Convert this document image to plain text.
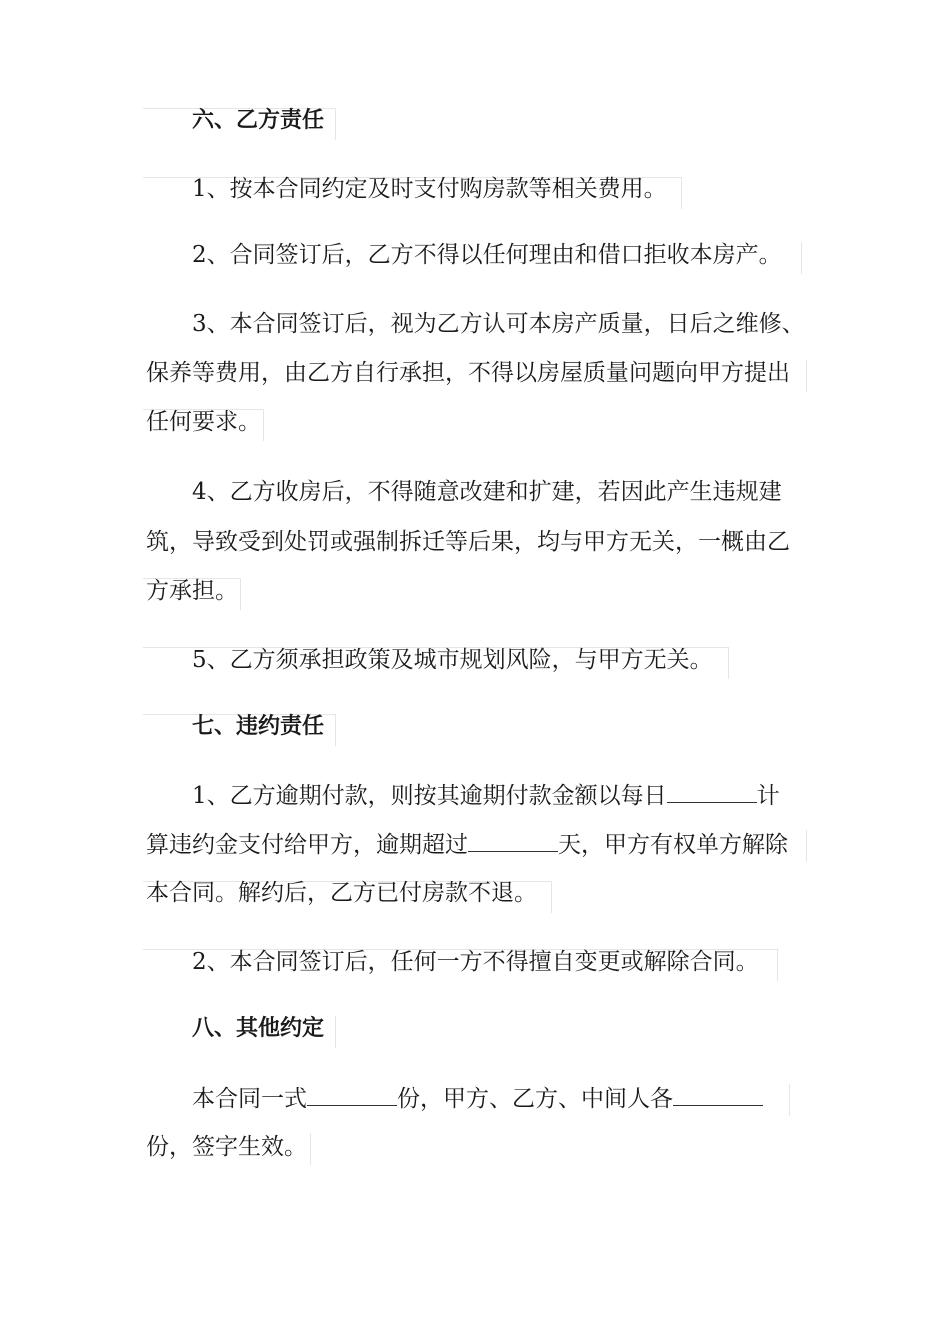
六、乙方责任
1、按本合同约定及时支付购房款等相关费用。
2、合同签订后，乙方不得以任何理由和借口拒收本房产。
3、本合同签订后，视为乙方认可本房产质量，日后之维修、
保养等费用，由乙方自行承担，不得以房屋质量问题向甲方提出
任何要求。
4、乙方收房后，不得随意改建和扩建，若因此产生违规建
筑，导致受到处罚或强制拆迁等后果，均与甲方无关，一概由乙
方承担。
5、乙方须承担政策及城市规划风险，与甲方无关。
七、违约责任
1、乙方逾期付款，则按其逾期付款金额以每日	计
算违约金支付给甲方，逾期超过	天，甲方有权单方解除
本合同。解约后，乙方已付房款不退。
2、本合同签订后，任何一方不得擅自变更或解除合同。
八、其他约定
本合同一式	份，甲方、乙方、中间人各
份，签字生效。
